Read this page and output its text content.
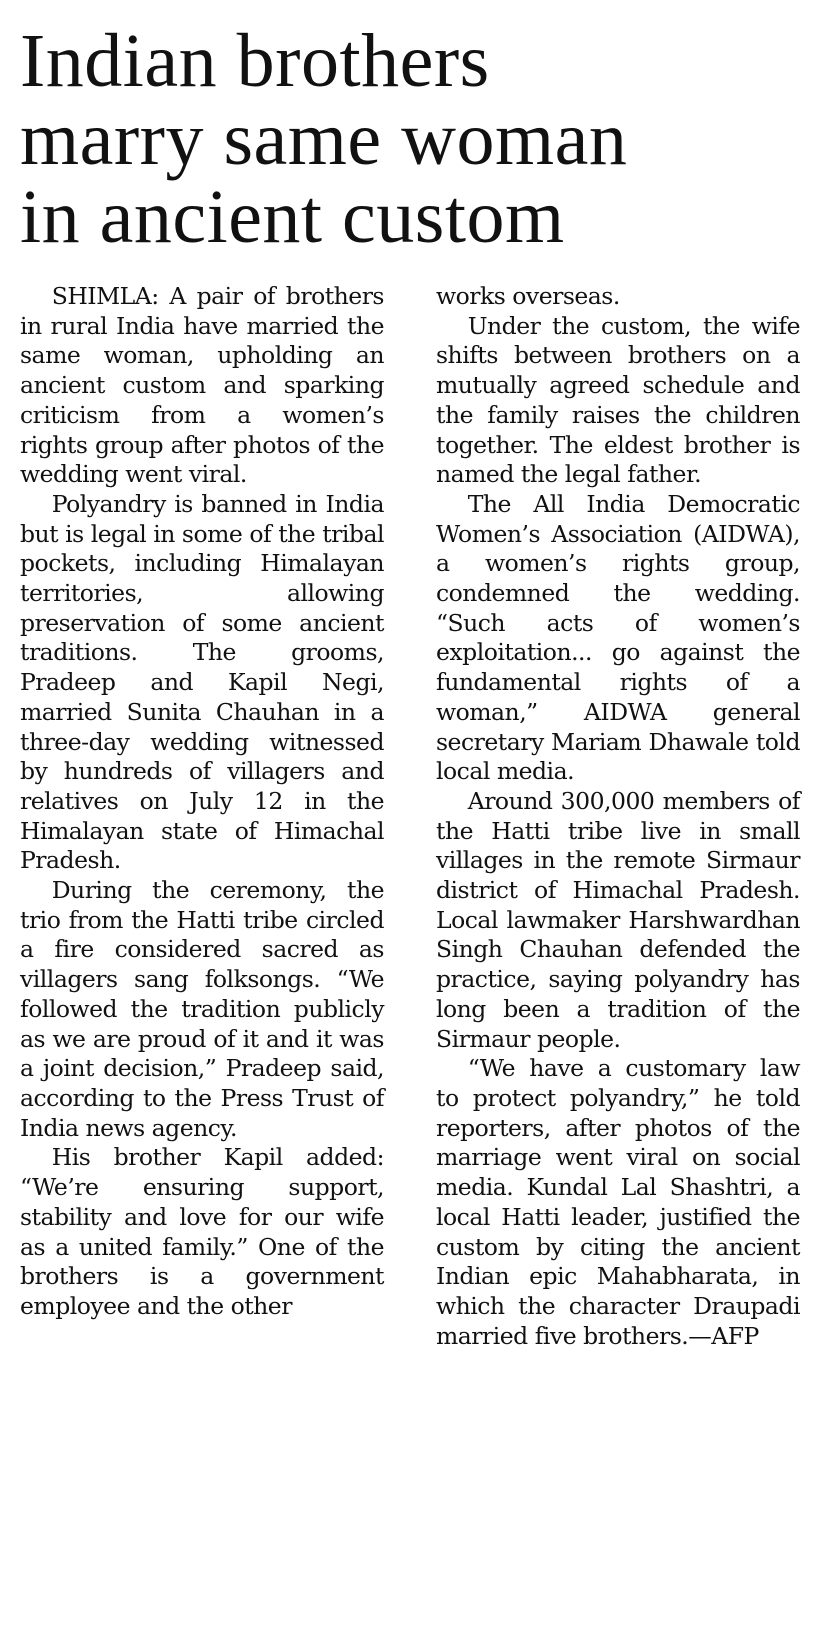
Indian brothers
marry same woman
in ancient custom

SHIMLA: A pair of brothers in rural India have married the same woman, upholding an ancient custom and sparking criticism from a women’s rights group after photos of the wedding went viral.

Polyandry is banned in India but is legal in some of the tribal pockets, including Himalayan territories, allowing preservation of some ancient traditions. The grooms, Pradeep and Kapil Negi, married Sunita Chauhan in a three-day wedding witnessed by hundreds of villagers and relatives on July 12 in the Himalayan state of Himachal Pradesh.

During the ceremony, the trio from the Hatti tribe circled a fire considered sacred as villagers sang folksongs. “We followed the tradition publicly as we are proud of it and it was a joint decision,” Pradeep said, according to the Press Trust of India news agency.

His brother Kapil added: “We’re ensuring support, stability and love for our wife as a united family.” One of the brothers is a government employee and the other

works overseas.

Under the custom, the wife shifts between brothers on a mutually agreed schedule and the family raises the children together. The eldest brother is named the legal father.

The All India Democratic Women’s Association (AIDWA), a women’s rights group, condemned the wedding. “Such acts of women’s exploitation... go against the fundamental rights of a woman,” AIDWA general secretary Mariam Dhawale told local media.

Around 300,000 members of the Hatti tribe live in small villages in the remote Sirmaur district of Himachal Pradesh. Local lawmaker Harshwardhan Singh Chauhan defended the practice, saying polyandry has long been a tradition of the Sirmaur people.

“We have a customary law to protect polyandry,” he told reporters, after photos of the marriage went viral on social media. Kundal Lal Shashtri, a local Hatti leader, justified the custom by citing the ancient Indian epic Mahabharata, in which the character Draupadi married five brothers.—AFP
